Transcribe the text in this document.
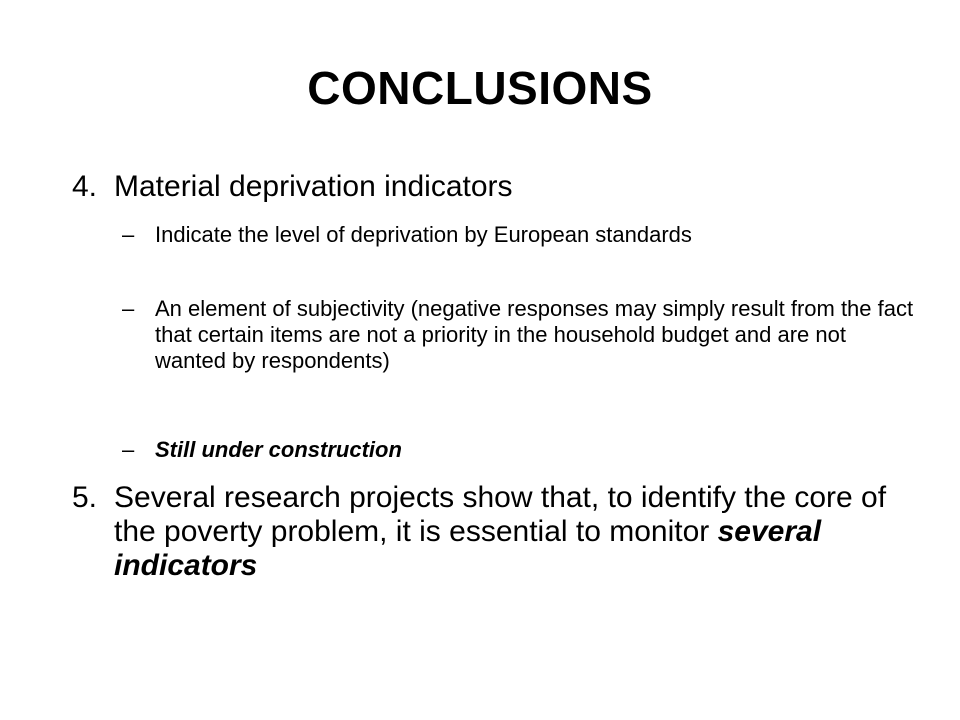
CONCLUSIONS
4. Material deprivation indicators
– Indicate the level of deprivation by European standards
– An element of subjectivity (negative responses may simply result from the fact that certain items are not a priority in the household budget and are not wanted by respondents)
– Still under construction
5. Several research projects show that, to identify the core of the poverty problem, it is essential to monitor several indicators
